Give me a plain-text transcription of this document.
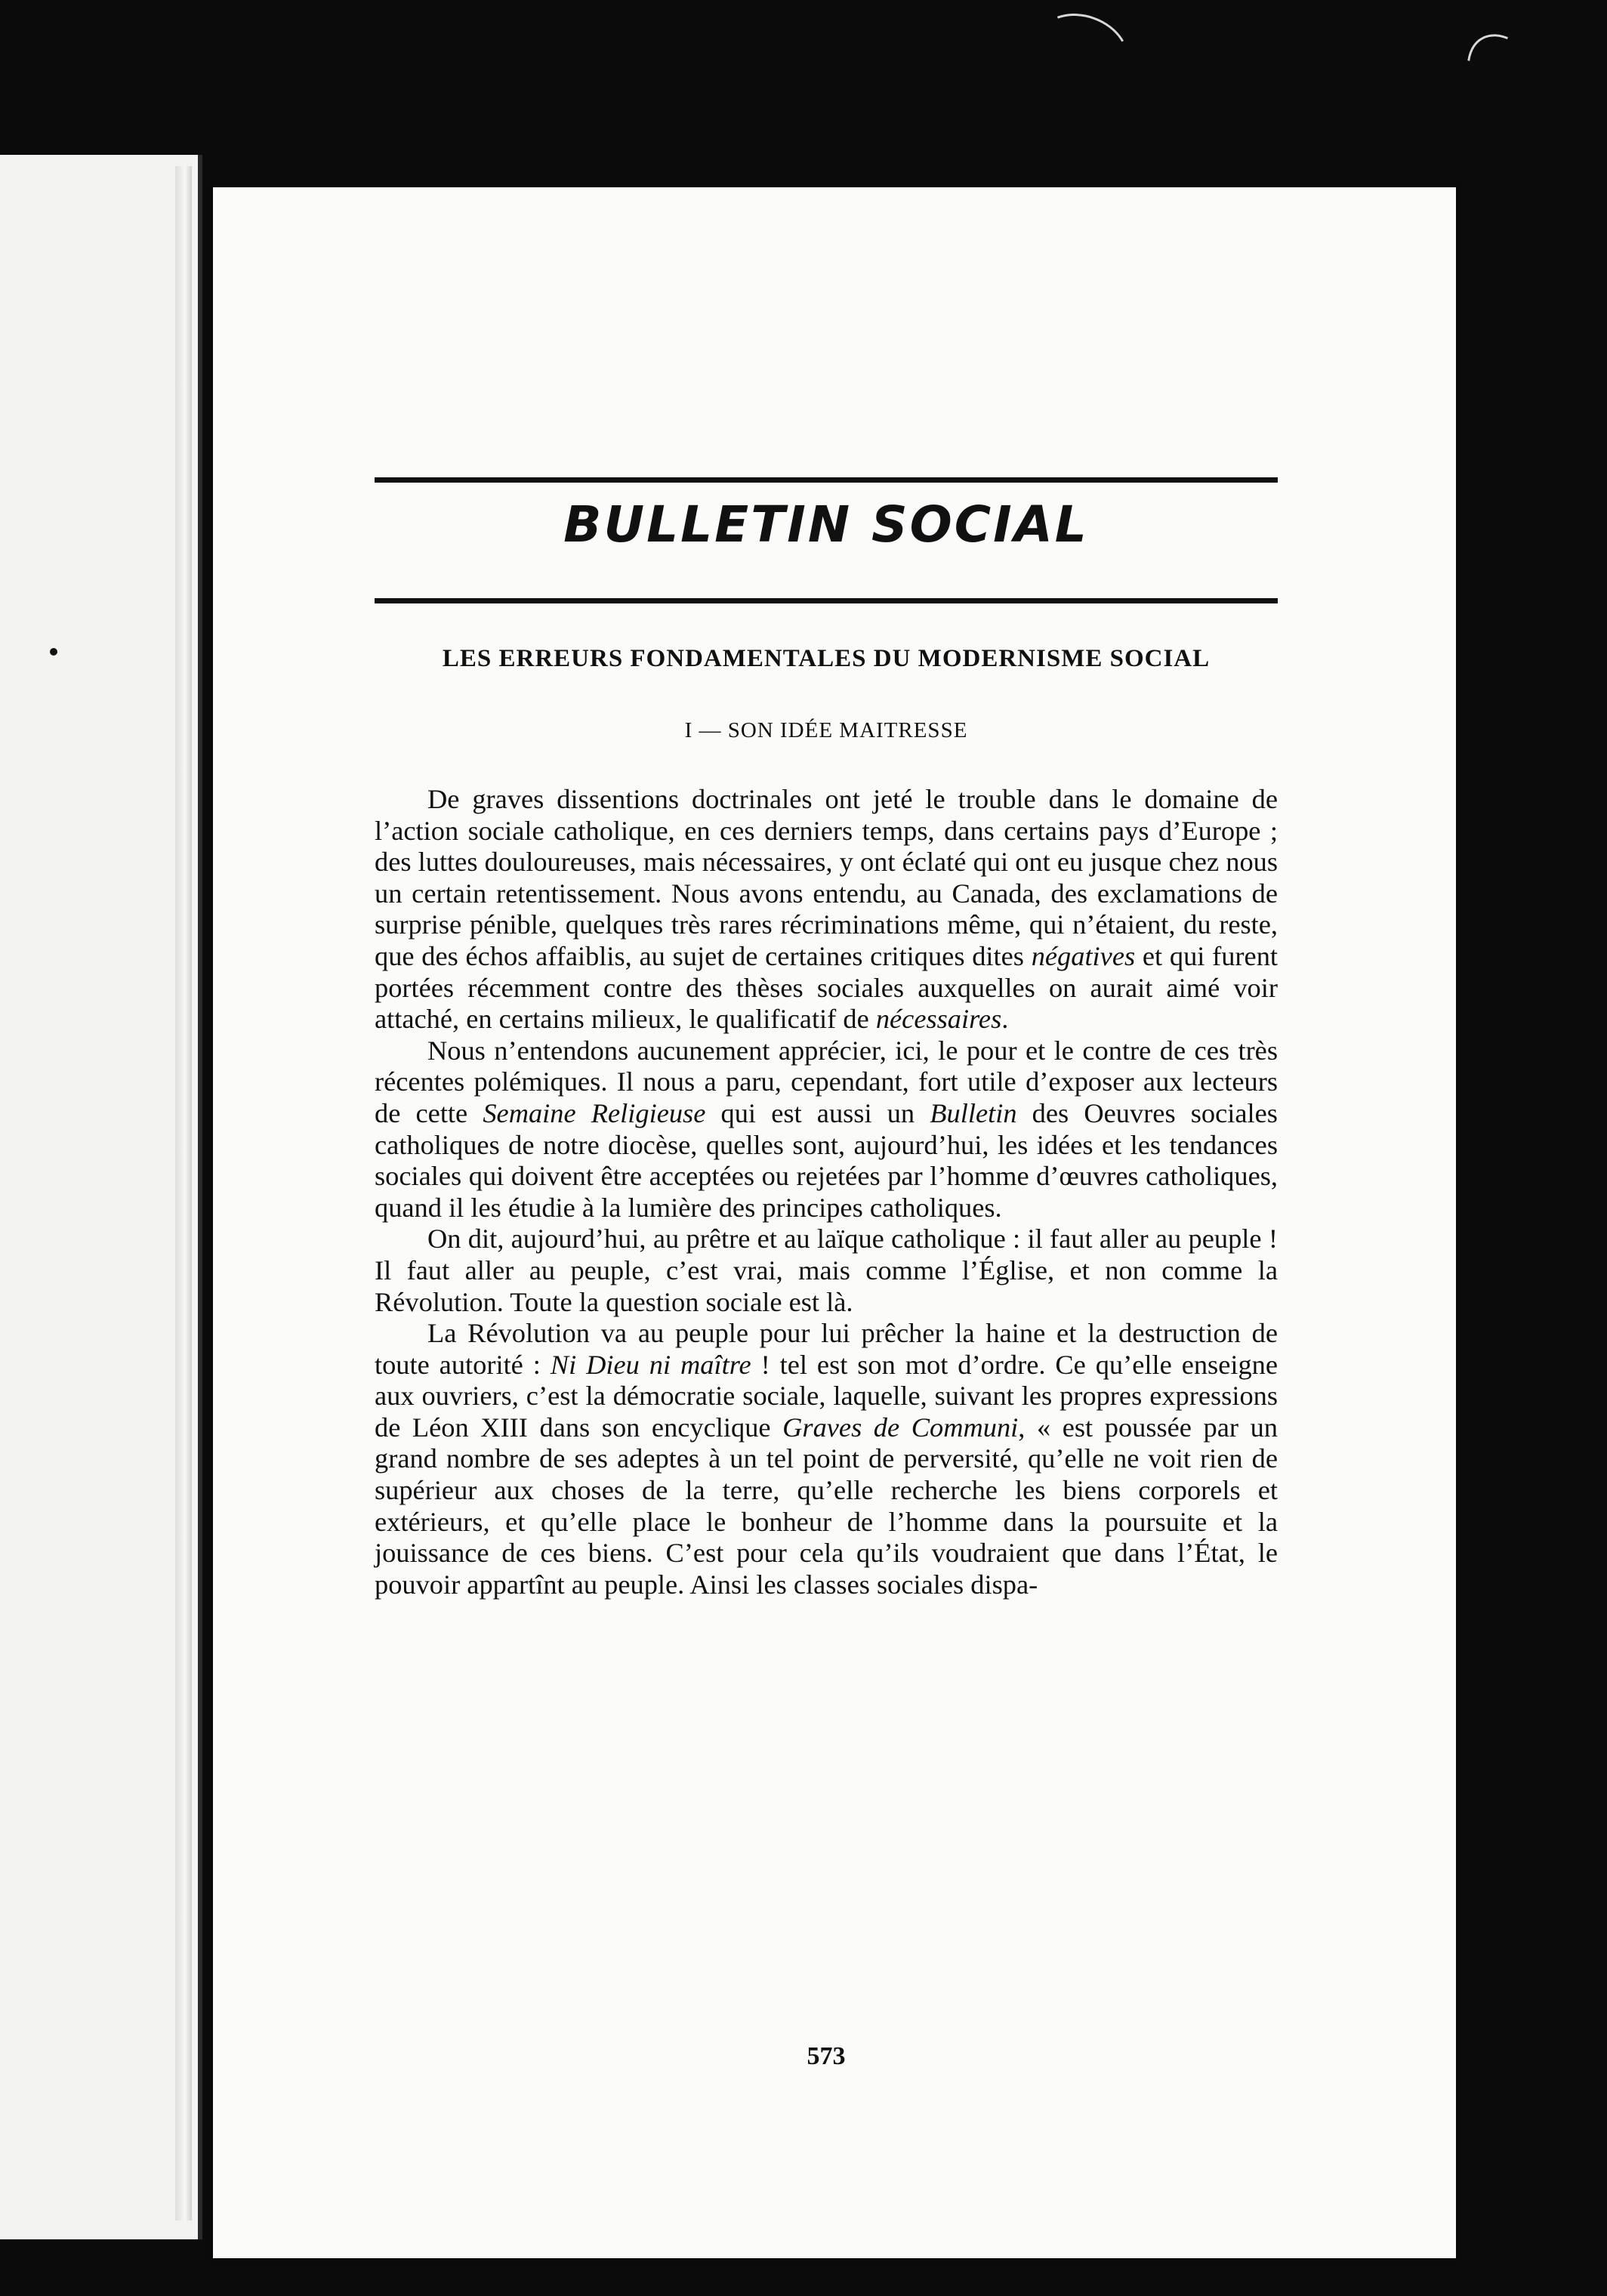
BULLETIN SOCIAL
LES ERREURS FONDAMENTALES DU MODERNISME SOCIAL
I — SON IDÉE MAITRESSE

De graves dissentions doctrinales ont jeté le trouble dans le domaine de l’action sociale catholique, en ces derniers temps, dans certains pays d’Europe ; des luttes douloureuses, mais nécessaires, y ont éclaté qui ont eu jusque chez nous un certain retentissement. Nous avons entendu, au Canada, des exclamations de surprise pénible, quelques très rares récriminations même, qui n’étaient, du reste, que des échos affaiblis, au sujet de certaines critiques dites négatives et qui furent portées récemment contre des thèses sociales auxquelles on aurait aimé voir attaché, en certains milieux, le qualificatif de nécessaires.

Nous n’entendons aucunement apprécier, ici, le pour et le contre de ces très récentes polémiques. Il nous a paru, cependant, fort utile d’exposer aux lecteurs de cette Semaine Religieuse qui est aussi un Bulletin des Oeuvres sociales catholiques de notre diocèse, quelles sont, aujourd’hui, les idées et les tendances sociales qui doivent être acceptées ou rejetées par l’homme d’œuvres catholiques, quand il les étudie à la lumière des principes catholiques.

On dit, aujourd’hui, au prêtre et au laïque catholique : il faut aller au peuple ! Il faut aller au peuple, c’est vrai, mais comme l’Église, et non comme la Révolution. Toute la question sociale est là.

La Révolution va au peuple pour lui prêcher la haine et la destruction de toute autorité : Ni Dieu ni maître ! tel est son mot d’ordre. Ce qu’elle enseigne aux ouvriers, c’est la démocratie sociale, laquelle, suivant les propres expressions de Léon XIII dans son encyclique Graves de Communi, « est poussée par un grand nombre de ses adeptes à un tel point de perversité, qu’elle ne voit rien de supérieur aux choses de la terre, qu’elle recherche les biens corporels et extérieurs, et qu’elle place le bonheur de l’homme dans la poursuite et la jouissance de ces biens. C’est pour cela qu’ils voudraient que dans l’État, le pouvoir appartînt au peuple. Ainsi les classes sociales dispa-

573
